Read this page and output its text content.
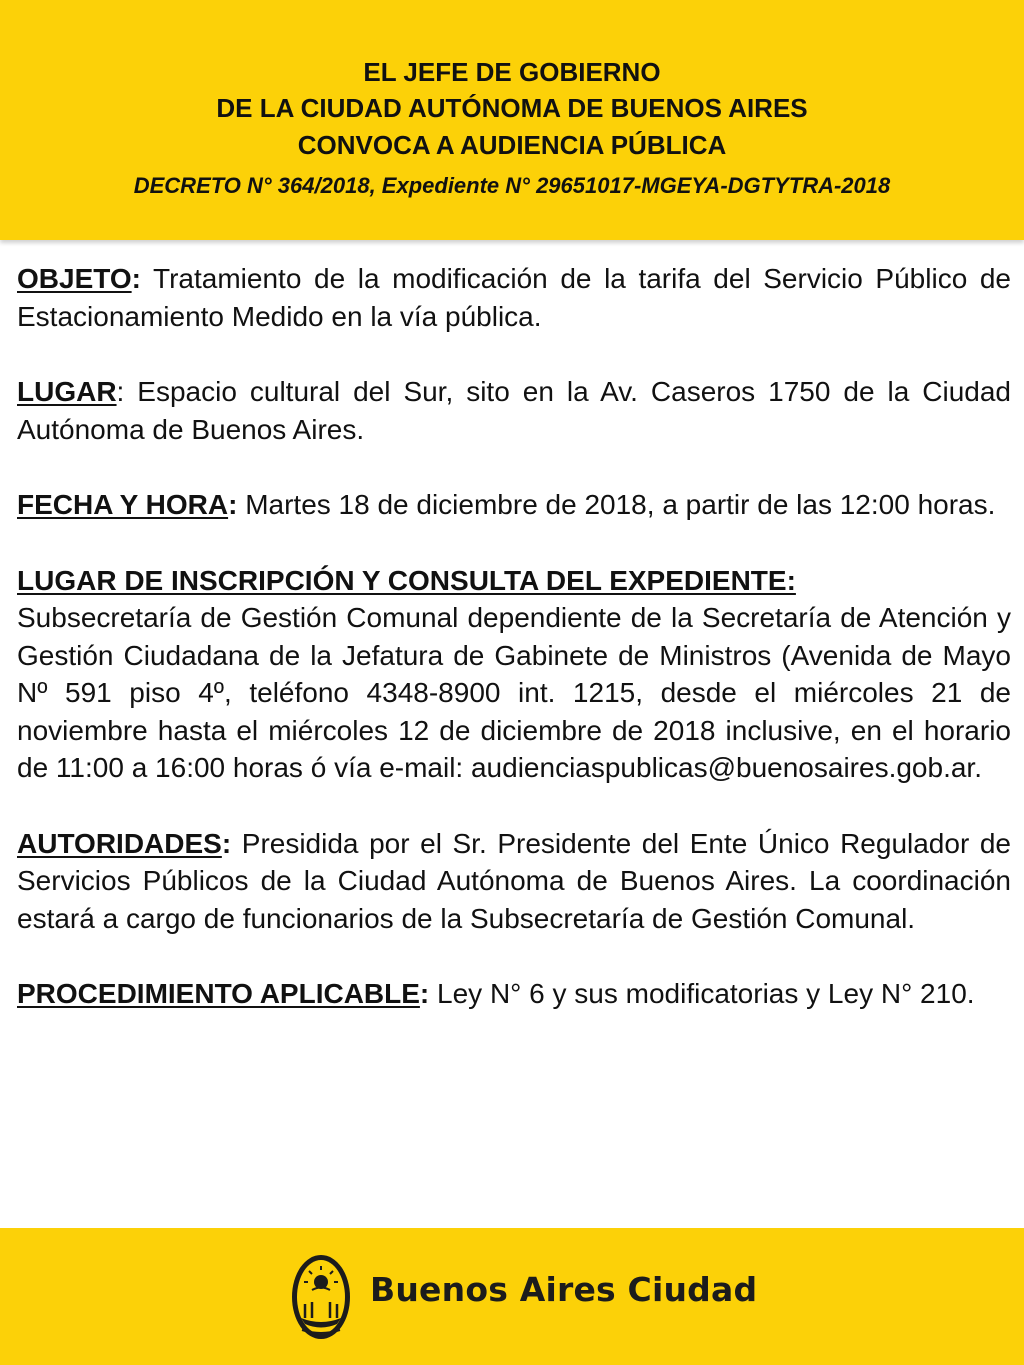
EL JEFE DE GOBIERNO
DE LA CIUDAD AUTÓNOMA DE BUENOS AIRES
CONVOCA A AUDIENCIA PÚBLICA
DECRETO N° 364/2018, Expediente N° 29651017-MGEYA-DGTYTRA-2018

OBJETO: Tratamiento de la modificación de la tarifa del Servicio Público de Estacionamiento Medido en la vía pública.

LUGAR: Espacio cultural del Sur, sito en la Av. Caseros 1750 de la Ciudad Autónoma de Buenos Aires.

FECHA Y HORA: Martes 18 de diciembre de 2018, a partir de las 12:00 horas.

LUGAR DE INSCRIPCIÓN Y CONSULTA DEL EXPEDIENTE:
Subsecretaría de Gestión Comunal dependiente de la Secretaría de Atención y Gestión Ciudadana de la Jefatura de Gabinete de Ministros (Avenida de Mayo Nº 591 piso 4º, teléfono 4348-8900 int. 1215, desde el miércoles 21 de noviembre hasta el miércoles 12 de diciembre de 2018 inclusive, en el horario de 11:00 a 16:00 horas ó vía e-mail: audienciaspublicas@buenosaires.gob.ar.

AUTORIDADES: Presidida por el Sr. Presidente del Ente Único Regulador de Servicios Públicos de la Ciudad Autónoma de Buenos Aires. La coordinación estará a cargo de funcionarios de la Subsecretaría de Gestión Comunal.

PROCEDIMIENTO APLICABLE: Ley N° 6 y sus modificatorias y Ley N° 210.

Buenos Aires Ciudad
